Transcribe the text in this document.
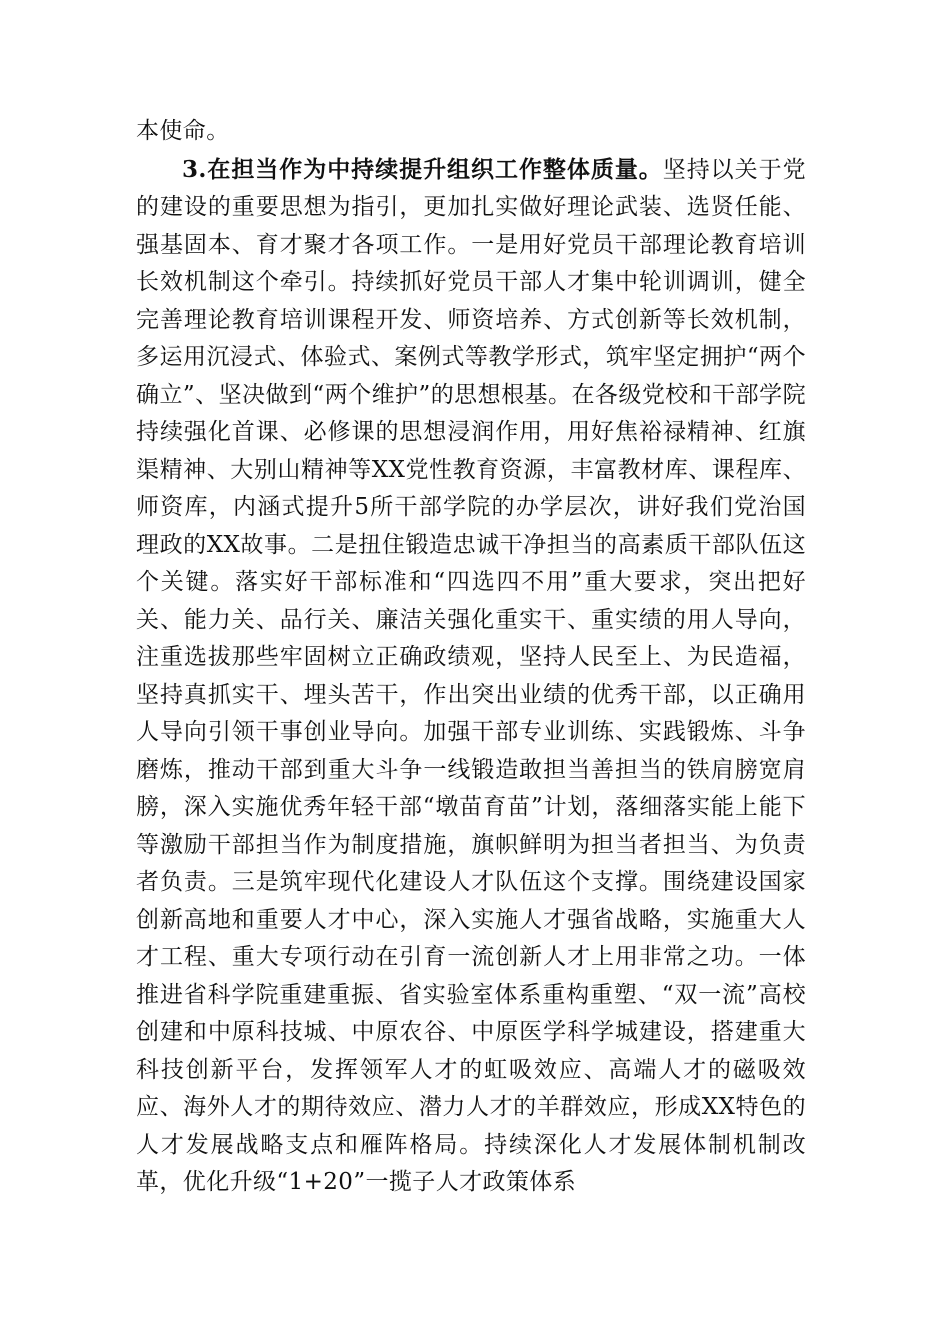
本使命。

3.在担当作为中持续提升组织工作整体质量。坚持以关于党的建设的重要思想为指引，更加扎实做好理论武装、选贤任能、强基固本、育才聚才各项工作。一是用好党员干部理论教育培训长效机制这个牵引。持续抓好党员干部人才集中轮训调训，健全完善理论教育培训课程开发、师资培养、方式创新等长效机制，多运用沉浸式、体验式、案例式等教学形式，筑牢坚定拥护“两个确立”、坚决做到“两个维护”的思想根基。在各级党校和干部学院持续强化首课、必修课的思想浸润作用，用好焦裕禄精神、红旗渠精神、大别山精神等XX党性教育资源，丰富教材库、课程库、师资库，内涵式提升5所干部学院的办学层次，讲好我们党治国理政的XX故事。二是扭住锻造忠诚干净担当的高素质干部队伍这个关键。落实好干部标准和“四选四不用”重大要求，突出把好关、能力关、品行关、廉洁关强化重实干、重实绩的用人导向，注重选拔那些牢固树立正确政绩观，坚持人民至上、为民造福，坚持真抓实干、埋头苦干，作出突出业绩的优秀干部，以正确用人导向引领干事创业导向。加强干部专业训练、实践锻炼、斗争磨炼，推动干部到重大斗争一线锻造敢担当善担当的铁肩膀宽肩膀，深入实施优秀年轻干部“墩苗育苗”计划，落细落实能上能下等激励干部担当作为制度措施，旗帜鲜明为担当者担当、为负责者负责。三是筑牢现代化建设人才队伍这个支撑。围绕建设国家创新高地和重要人才中心，深入实施人才强省战略，实施重大人才工程、重大专项行动在引育一流创新人才上用非常之功。一体推进省科学院重建重振、省实验室体系重构重塑、“双一流”高校创建和中原科技城、中原农谷、中原医学科学城建设，搭建重大科技创新平台，发挥领军人才的虹吸效应、高端人才的磁吸效应、海外人才的期待效应、潜力人才的羊群效应，形成XX特色的人才发展战略支点和雁阵格局。持续深化人才发展体制机制改革，优化升级“1+20”一揽子人才政策体系
